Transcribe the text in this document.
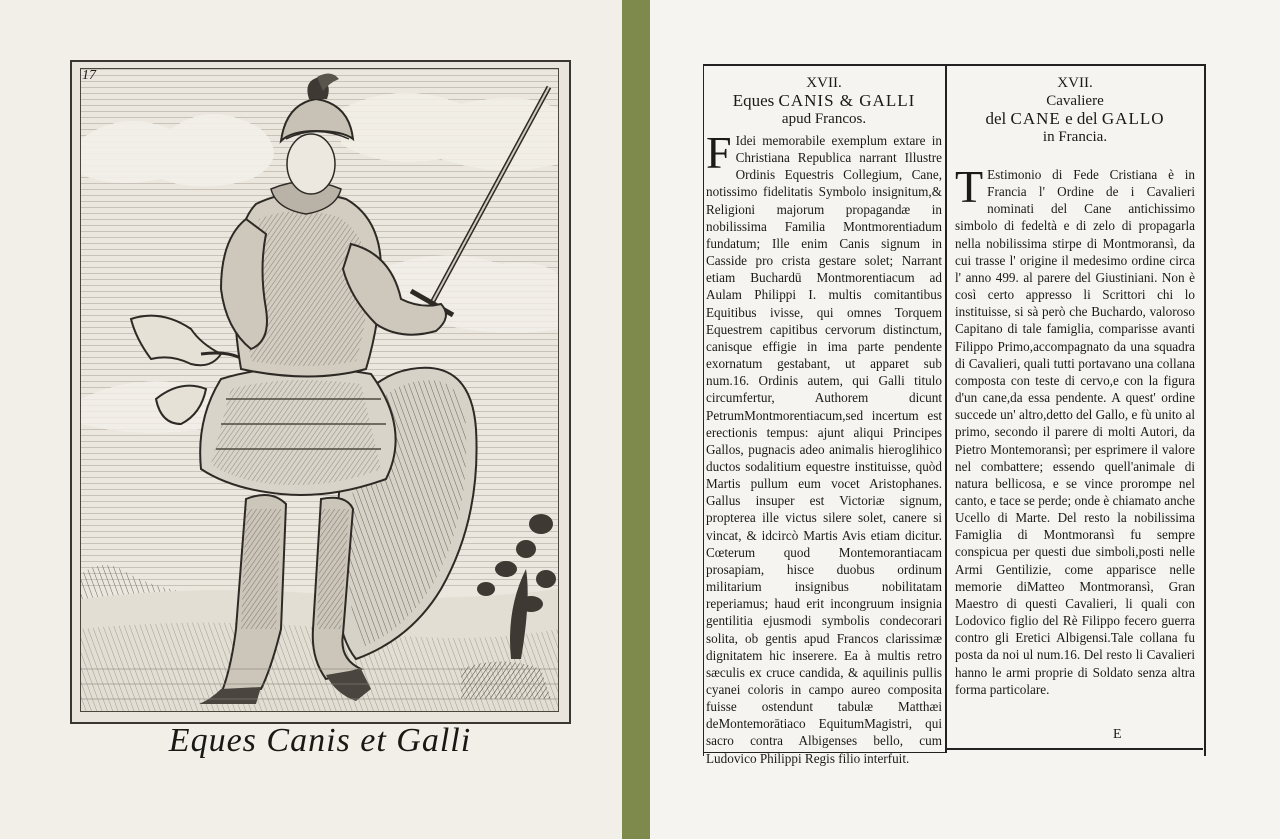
17
Eques Canis et Galli
XVII.
Eques CANIS & GALLI
apud Francos.
F Idei memorabile exemplum extare in Christiana Republica narrant Illustre Ordinis Equestris Collegium, Cane, notissimo fidelitatis Symbolo insignitum,& Religioni majorum propagandæ in nobilissima Familia Montmorentiadum fundatum; Ille enim Canis signum in Casside pro crista gestare solet; Narrant etiam Buchardū Montmorentiacum ad Aulam Philippi I. multis comitantibus Equitibus ivisse, qui omnes Torquem Equestrem capitibus cervorum distinctum, canisque effigie in ima parte pendente exornatum gestabant, ut apparet sub num.16. Ordinis autem, qui Galli titulo circumfertur, Authorem dicunt PetrumMontmorentiacum,sed incertum est erectionis tempus: ajunt aliqui Principes Gallos, pugnacis adeo animalis hieroglihico ductos sodalitium equestre instituisse, quòd Martis pullum eum vocet Aristophanes. Gallus insuper est Victoriæ signum, propterea ille victus silere solet, canere si vincat, & idcircò Martis Avis etiam dicitur. Cœterum quod Montemorantiacam prosapiam, hisce duobus ordinum militarium insignibus nobilitatam reperiamus; haud erit incongruum insignia gentilitia ejusmodi symbolis condecorari solita, ob gentis apud Francos clarissimæ dignitatem hic inserere. Ea à multis retro sæculis ex cruce candida, & aquilinis pullis cyanei coloris in campo aureo composita fuisse ostendunt tabulæ Matthæi deMontemorātiaco EquitumMagistri, qui sacro contra Albigenses bello, cum Ludovico Philippi Regis filio interfuit.
XVII.
Cavaliere
del CANE e del GALLO
in Francia.
T Estimonio di Fede Cristiana è in Francia l' Ordine de i Cavalieri nominati del Cane antichissimo simbolo di fedeltà e di zelo di propagarla nella nobilissima stirpe di Montmoransì, da cui trasse l' origine il medesimo ordine circa l' anno 499. al parere del Giustiniani. Non è così certo appresso li Scrittori chi lo instituisse, si sà però che Buchardo, valoroso Capitano di tale famiglia, comparisse avanti Filippo Primo,accompagnato da una squadra di Cavalieri, quali tutti portavano una collana composta con teste di cervo,e con la figura d'un cane,da essa pendente. A quest' ordine succede un' altro,detto del Gallo, e fù unito al primo, secondo il parere di molti Autori, da Pietro Montemoransì; per esprimere il valore nel combattere; essendo quell'animale di natura bellicosa, e se vince prorompe nel canto, e tace se perde; onde è chiamato anche Ucello di Marte. Del resto la nobilissima Famiglia di Montmoransì fu sempre conspicua per questi due simboli,posti nelle Armi Gentilizie, come apparisce nelle memorie diMatteo Montmoransì, Gran Maestro di questi Cavalieri, li quali con Lodovico figlio del Rè Filippo fecero guerra contro gli Eretici Albigensi.Tale collana fu posta da noi ul num.16. Del resto li Cavalieri hanno le armi proprie di Soldato senza altra forma particolare.
E
